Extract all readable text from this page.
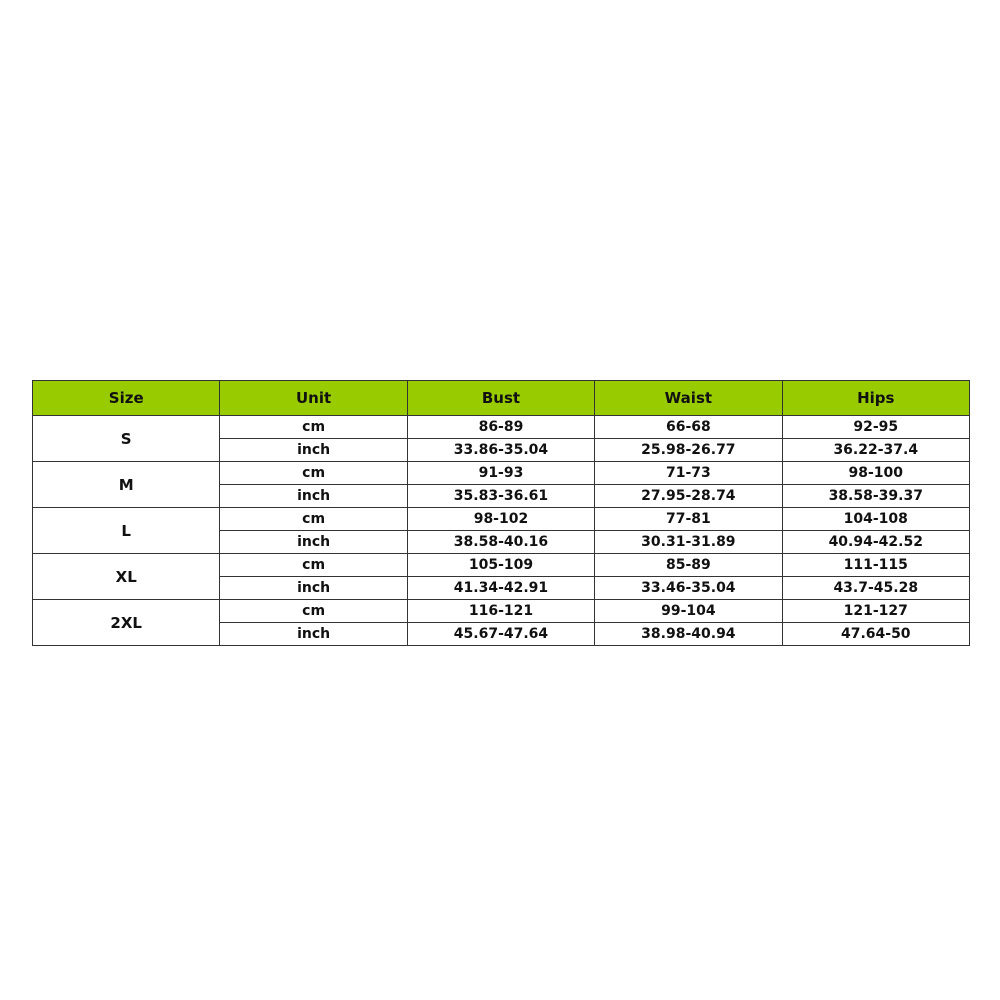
Size	Unit	Bust	Waist	Hips
S	cm	86-89	66-68	92-95
	inch	33.86-35.04	25.98-26.77	36.22-37.4
M	cm	91-93	71-73	98-100
	inch	35.83-36.61	27.95-28.74	38.58-39.37
L	cm	98-102	77-81	104-108
	inch	38.58-40.16	30.31-31.89	40.94-42.52
XL	cm	105-109	85-89	111-115
	inch	41.34-42.91	33.46-35.04	43.7-45.28
2XL	cm	116-121	99-104	121-127
	inch	45.67-47.64	38.98-40.94	47.64-50
